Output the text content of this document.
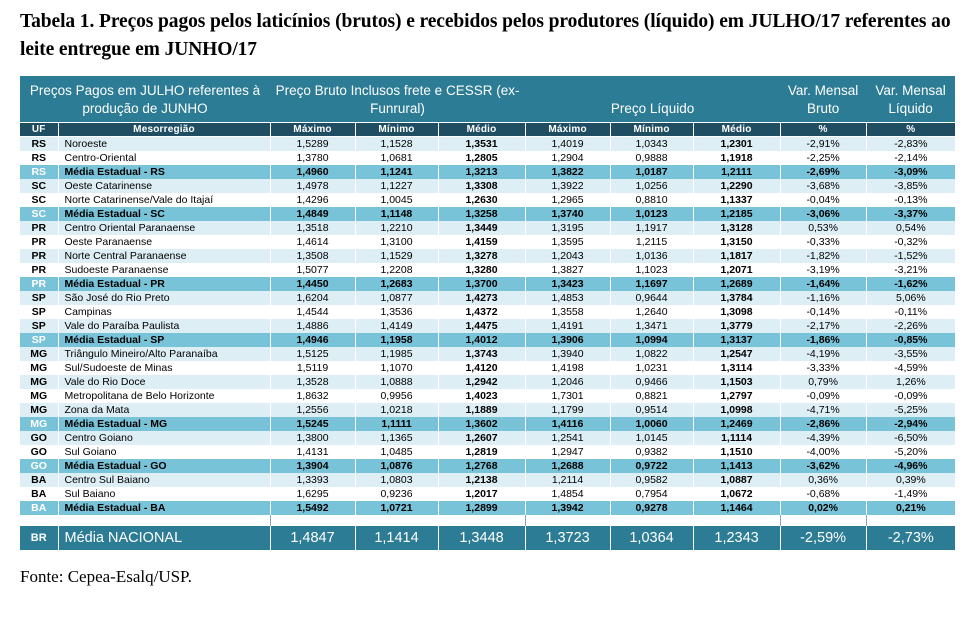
Tabela 1. Preços pagos pelos laticínios (brutos) e recebidos pelos produtores (líquido) em JULHO/17 referentes ao leite entregue em JUNHO/17
Preços Pagos em JULHO referentes à produção de JUNHO		Preço Bruto Inclusos frete e CESSR (ex-Funrural)			Preço Líquido			Var. Mensal Bruto	Var. Mensal Líquido
UF	Mesorregião	Máximo	Mínimo	Médio	Máximo	Mínimo	Médio	%	%
RS	Noroeste	1,5289	1,1528	1,3531	1,4019	1,0343	1,2301	-2,91%	-2,83%
RS	Centro-Oriental	1,3780	1,0681	1,2805	1,2904	0,9888	1,1918	-2,25%	-2,14%
RS	Média Estadual - RS	1,4960	1,1241	1,3213	1,3822	1,0187	1,2111	-2,69%	-3,09%
SC	Oeste Catarinense	1,4978	1,1227	1,3308	1,3922	1,0256	1,2290	-3,68%	-3,85%
SC	Norte Catarinense/Vale do Itajaí	1,4296	1,0045	1,2630	1,2965	0,8810	1,1337	-0,04%	-0,13%
SC	Média Estadual - SC	1,4849	1,1148	1,3258	1,3740	1,0123	1,2185	-3,06%	-3,37%
PR	Centro Oriental Paranaense	1,3518	1,2210	1,3449	1,3195	1,1917	1,3128	0,53%	0,54%
PR	Oeste Paranaense	1,4614	1,3100	1,4159	1,3595	1,2115	1,3150	-0,33%	-0,32%
PR	Norte Central Paranaense	1,3508	1,1529	1,3278	1,2043	1,0136	1,1817	-1,82%	-1,52%
PR	Sudoeste Paranaense	1,5077	1,2208	1,3280	1,3827	1,1023	1,2071	-3,19%	-3,21%
PR	Média Estadual - PR	1,4450	1,2683	1,3700	1,3423	1,1697	1,2689	-1,64%	-1,62%
SP	São José do Rio Preto	1,6204	1,0877	1,4273	1,4853	0,9644	1,3784	-1,16%	5,06%
SP	Campinas	1,4544	1,3536	1,4372	1,3558	1,2640	1,3098	-0,14%	-0,11%
SP	Vale do Paraíba Paulista	1,4886	1,4149	1,4475	1,4191	1,3471	1,3779	-2,17%	-2,26%
SP	Média Estadual - SP	1,4946	1,1958	1,4012	1,3906	1,0994	1,3137	-1,86%	-0,85%
MG	Triângulo Mineiro/Alto Paranaíba	1,5125	1,1985	1,3743	1,3940	1,0822	1,2547	-4,19%	-3,55%
MG	Sul/Sudoeste de Minas	1,5119	1,1070	1,4120	1,4198	1,0231	1,3114	-3,33%	-4,59%
MG	Vale do Rio Doce	1,3528	1,0888	1,2942	1,2046	0,9466	1,1503	0,79%	1,26%
MG	Metropolitana de Belo Horizonte	1,8632	0,9956	1,4023	1,7301	0,8821	1,2797	-0,09%	-0,09%
MG	Zona da Mata	1,2556	1,0218	1,1889	1,1799	0,9514	1,0998	-4,71%	-5,25%
MG	Média Estadual - MG	1,5245	1,1111	1,3602	1,4116	1,0060	1,2469	-2,86%	-2,94%
GO	Centro Goiano	1,3800	1,1365	1,2607	1,2541	1,0145	1,1114	-4,39%	-6,50%
GO	Sul Goiano	1,4131	1,0485	1,2819	1,2947	0,9382	1,1510	-4,00%	-5,20%
GO	Média Estadual - GO	1,3904	1,0876	1,2768	1,2688	0,9722	1,1413	-3,62%	-4,96%
BA	Centro Sul Baiano	1,3393	1,0803	1,2138	1,2114	0,9582	1,0887	0,36%	0,39%
BA	Sul Baiano	1,6295	0,9236	1,2017	1,4854	0,7954	1,0672	-0,68%	-1,49%
BA	Média Estadual - BA	1,5492	1,0721	1,2899	1,3942	0,9278	1,1464	0,02%	0,21%

BR	Média NACIONAL	1,4847	1,1414	1,3448	1,3723	1,0364	1,2343	-2,59%	-2,73%
Fonte: Cepea-Esalq/USP.
